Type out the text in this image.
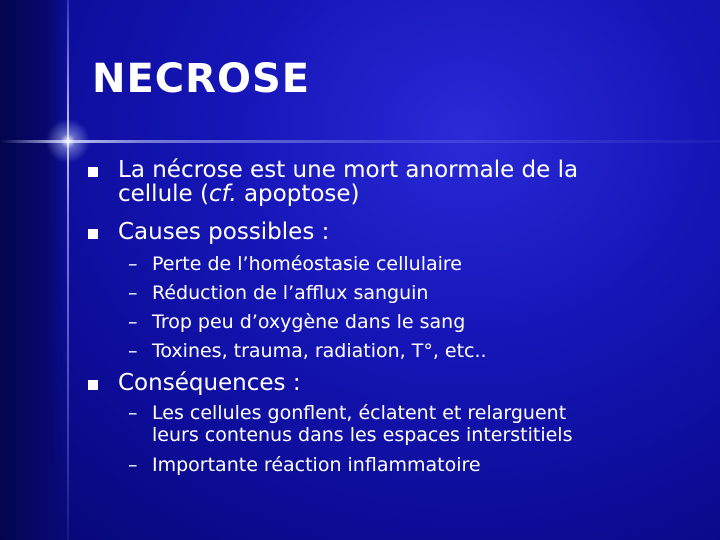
NECROSE
La nécrose est une mort anormale de la
cellule (cf. apoptose)
Causes possibles :
– Perte de l’homéostasie cellulaire
– Réduction de l’afflux sanguin
– Trop peu d’oxygène dans le sang
– Toxines, trauma, radiation, T°, etc..
Conséquences :
– Les cellules gonflent, éclatent et relarguent
leurs contenus dans les espaces interstitiels
– Importante réaction inflammatoire
